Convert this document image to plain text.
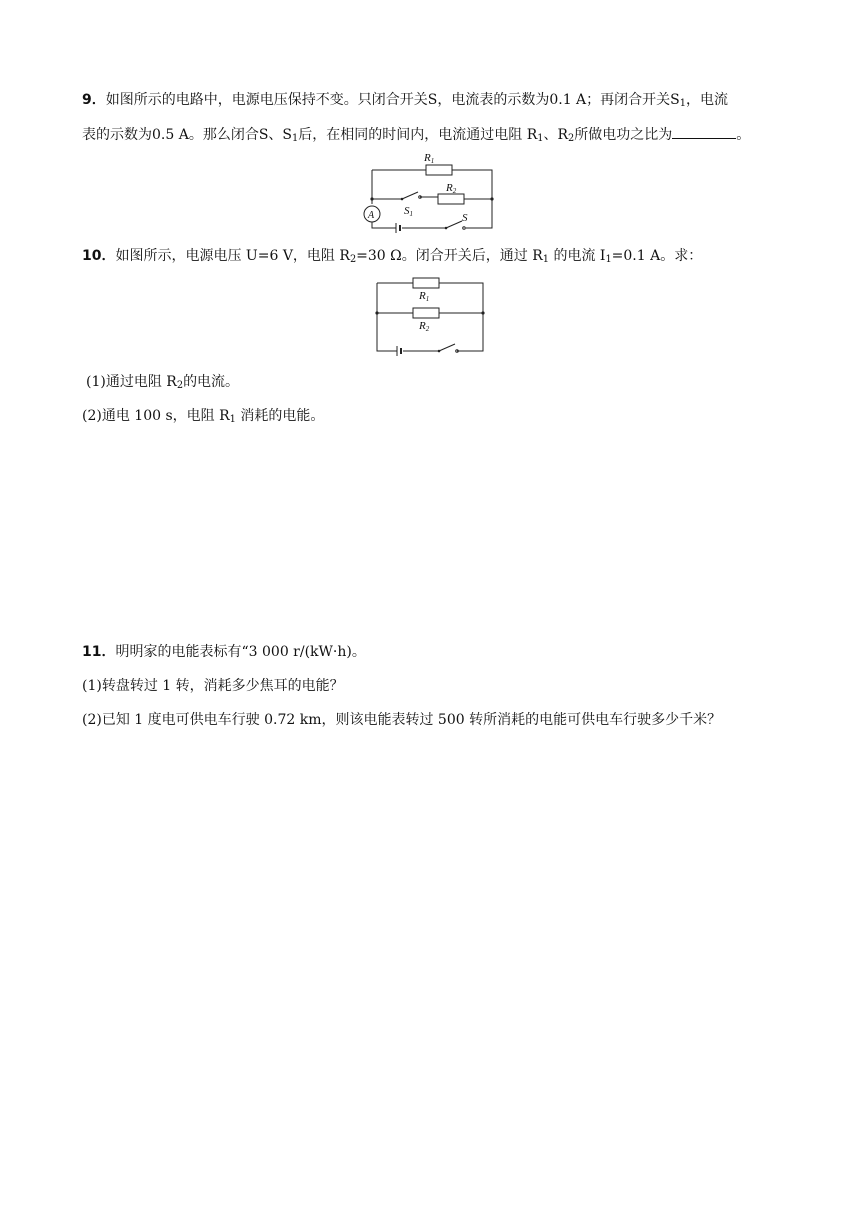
9．如图所示的电路中，电源电压保持不变。只闭合开关S，电流表的示数为0.1 A；再闭合开关$S_1$，电流
表的示数为0.5 A。那么闭合S、$S_1$后，在相同的时间内，电流通过电阻 $R_1$、$R_2$所做电功之比为	。
R1
R2
S1	S
A
10．如图所示，电源电压 U=6 V，电阻 $R_2=30$ Ω。闭合开关后，通过 $R_1$ 的电流 $I_1=0.1$ A。求：
R1
R2
(1)通过电阻 $R_2$的电流。
(2)通电 100 s，电阻 $R_1$ 消耗的电能。
11．明明家的电能表标有“3 000 r/(kW·h)。
(1)转盘转过 1 转，消耗多少焦耳的电能？
(2)已知 1 度电可供电车行驶 0.72 km，则该电能表转过 500 转所消耗的电能可供电车行驶多少千米？
